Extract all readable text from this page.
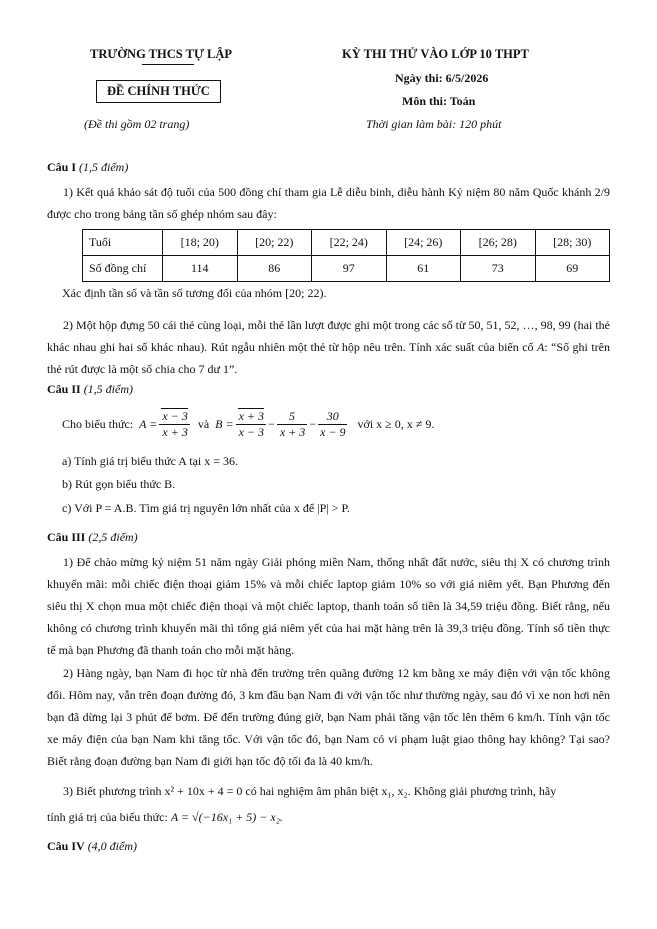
TRƯỜNG THCS TỰ LẬP
ĐỀ CHÍNH THỨC
(Đề thi gồm 02 trang)
KỲ THI THỬ VÀO LỚP 10 THPT
Ngày thi: 6/5/2026
Môn thi: Toán
Thời gian làm bài: 120 phút
Câu I (1,5 điểm)
1) Kết quả khảo sát độ tuổi của 500 đồng chí tham gia Lễ diễu binh, diễu hành Kỷ niệm 80 năm Quốc khánh 2/9 được cho trong bảng tần số ghép nhóm sau đây:
Tuổi	[18; 20)	[20; 22)	[22; 24)	[24; 26)	[26; 28)	[28; 30)
Số đồng chí	114	86	97	61	73	69
Xác định tần số và tần số tương đối của nhóm [20; 22).
2) Một hộp đựng 50 cái thẻ cùng loại, mỗi thẻ lần lượt được ghi một trong các số từ 50, 51, 52, …, 98, 99 (hai thẻ khác nhau ghi hai số khác nhau). Rút ngẫu nhiên một thẻ từ hộp nêu trên. Tính xác suất của biến cố A: “Số ghi trên thẻ rút được là một số chia cho 7 dư 1”.
Câu II (1,5 điểm)
Cho biểu thức: $A = \frac{x - 3}{x + 3}$ và $B = \frac{x + 3}{x - 3} - \frac{5}{x + 3} - \frac{30}{x - 9}$ với x ≥ 0, x ≠ 9.
a) Tính giá trị biểu thức A tại x = 36.
b) Rút gọn biểu thức B.
c) Với P = A.B. Tìm giá trị nguyên lớn nhất của x để |P| > P.
Câu III (2,5 điểm)
1) Để chào mừng kỷ niệm 51 năm ngày Giải phóng miền Nam, thống nhất đất nước, siêu thị X có chương trình khuyến mãi: mỗi chiếc điện thoại giảm 15% và mỗi chiếc laptop giảm 10% so với giá niêm yết. Bạn Phương đến siêu thị X chọn mua một chiếc điện thoại và một chiếc laptop, thanh toán số tiền là 34,59 triệu đồng. Biết rằng, nếu không có chương trình khuyến mãi thì tổng giá niêm yết của hai mặt hàng trên là 39,3 triệu đồng. Tính số tiền thực tế mà bạn Phương đã thanh toán cho mỗi mặt hàng.
2) Hàng ngày, bạn Nam đi học từ nhà đến trường trên quãng đường 12 km bằng xe máy điện với vận tốc không đổi. Hôm nay, vẫn trên đoạn đường đó, 3 km đầu bạn Nam đi với vận tốc như thường ngày, sau đó vì xe non hơi nên bạn đã dừng lại 3 phút để bơm. Để đến trường đúng giờ, bạn Nam phải tăng vận tốc lên thêm 6 km/h. Tính vận tốc xe máy điện của bạn Nam khi tăng tốc. Với vận tốc đó, bạn Nam có vi phạm luật giao thông hay không? Tại sao? Biết rằng đoạn đường bạn Nam đi giới hạn tốc độ tối đa là 40 km/h.
3) Biết phương trình x² + 10x + 4 = 0 có hai nghiệm âm phân biệt x₁, x₂. Không giải phương trình, hãy
tính giá trị của biểu thức: A = √(−16x₁ + 5) − x₂.
Câu IV (4,0 điểm)
